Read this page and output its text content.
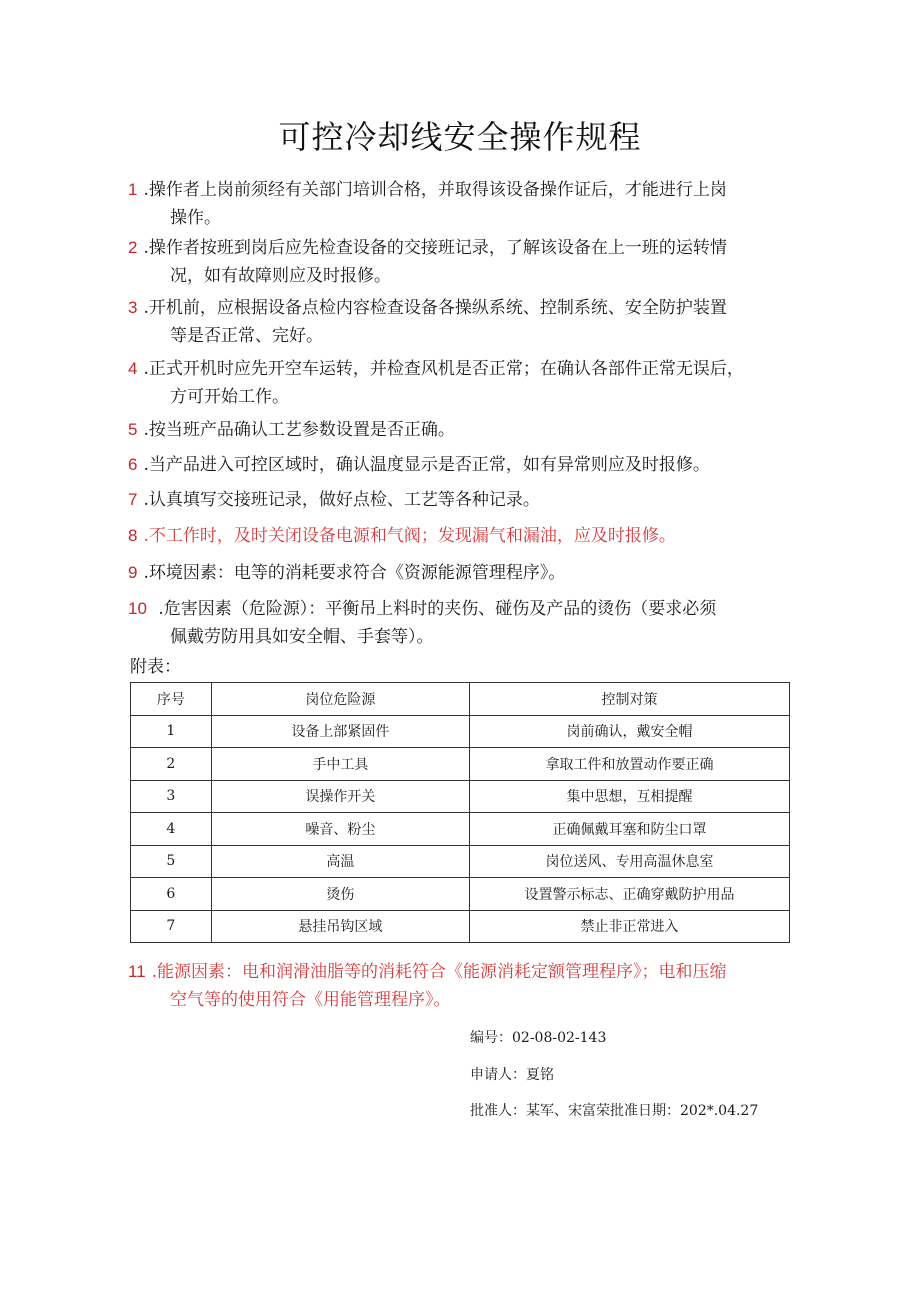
可控冷却线安全操作规程
1 .操作者上岗前须经有关部门培训合格，并取得该设备操作证后，才能进行上岗
操作。
2 .操作者按班到岗后应先检查设备的交接班记录，了解该设备在上一班的运转情
况，如有故障则应及时报修。
3 .开机前，应根据设备点检内容检查设备各操纵系统、控制系统、安全防护装置
等是否正常、完好。
4 .正式开机时应先开空车运转，并检查风机是否正常；在确认各部件正常无误后，
方可开始工作。
5 .按当班产品确认工艺参数设置是否正确。
6 .当产品进入可控区域时，确认温度显示是否正常，如有异常则应及时报修。
7 .认真填写交接班记录，做好点检、工艺等各种记录。
8 .不工作时，及时关闭设备电源和气阀；发现漏气和漏油，应及时报修。
9 .环境因素：电等的消耗要求符合《资源能源管理程序》。
10 .危害因素（危险源）：平衡吊上料时的夹伤、碰伤及产品的烫伤（要求必须
佩戴劳防用具如安全帽、手套等）。
附表：
序号	岗位危险源	控制对策
1	设备上部紧固件	岗前确认，戴安全帽
2	手中工具	拿取工件和放置动作要正确
3	误操作开关	集中思想，互相提醒
4	噪音、粉尘	正确佩戴耳塞和防尘口罩
5	高温	岗位送风、专用高温休息室
6	烫伤	设置警示标志、正确穿戴防护用品
7	悬挂吊钩区域	禁止非正常进入
11 .能源因素：电和润滑油脂等的消耗符合《能源消耗定额管理程序》；电和压缩
空气等的使用符合《用能管理程序》。
编号：02-08-02-143
申请人：夏铭
批准人：某军、宋富荣批准日期：202*.04.27
